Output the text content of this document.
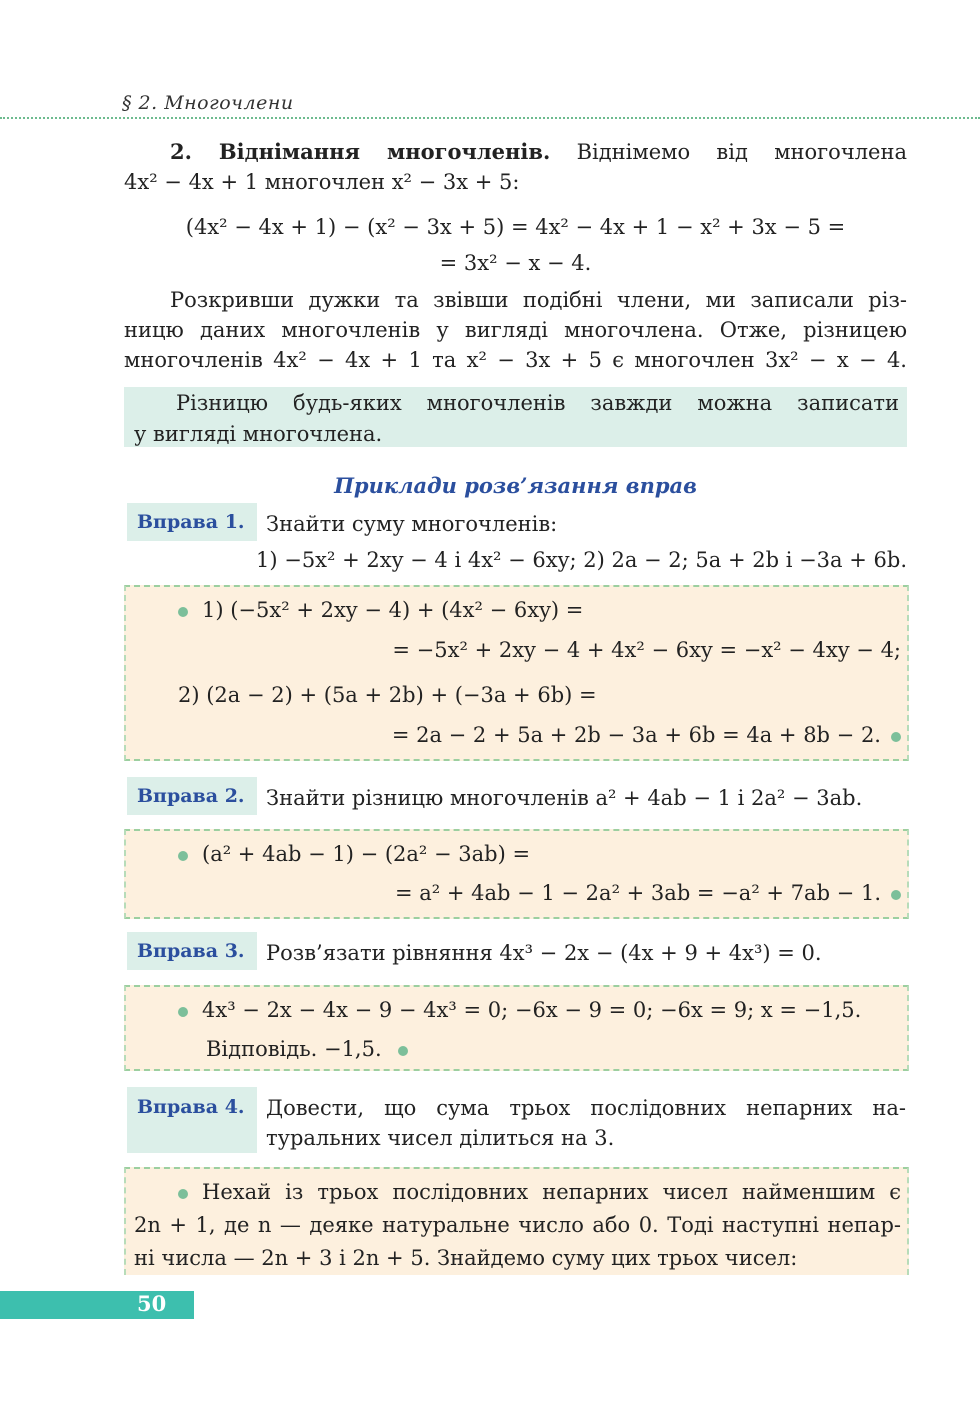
§ 2. Многочлени
2. Віднімання многочленів. Віднімемо від многочлена
4x² − 4x + 1 многочлен x² − 3x + 5:
(4x² − 4x + 1) − (x² − 3x + 5) = 4x² − 4x + 1 − x² + 3x − 5 =
= 3x² − x − 4.
Розкривши дужки та звівши подібні члени, ми записали різ-
ницю даних многочленів у вигляді многочлена. Отже, різницею
многочленів 4x² − 4x + 1 та x² − 3x + 5 є многочлен 3x² − x − 4.
Різницю будь-яких многочленів завжди можна записати
у вигляді многочлена.
Приклади розв’язання вправ
Вправа 1.	Знайти суму многочленів:
1) −5x² + 2xy − 4 і 4x² − 6xy; 2) 2a − 2; 5a + 2b і −3a + 6b.
1) (−5x² + 2xy − 4) + (4x² − 6xy) =
= −5x² + 2xy − 4 + 4x² − 6xy = −x² − 4xy − 4;
2) (2a − 2) + (5a + 2b) + (−3a + 6b) =
= 2a − 2 + 5a + 2b − 3a + 6b = 4a + 8b − 2.
Вправа 2.	Знайти різницю многочленів a² + 4ab − 1 і 2a² − 3ab.
(a² + 4ab − 1) − (2a² − 3ab) =
= a² + 4ab − 1 − 2a² + 3ab = −a² + 7ab − 1.
Вправа 3.	Розв’язати рівняння 4x³ − 2x − (4x + 9 + 4x³) = 0.
4x³ − 2x − 4x − 9 − 4x³ = 0; −6x − 9 = 0; −6x = 9; x = −1,5.
Відповідь. −1,5.
Вправа 4.	Довести, що сума трьох послідовних непарних на-
туральних чисел ділиться на 3.
Нехай із трьох послідовних непарних чисел найменшим є
2n + 1, де n — деяке натуральне число або 0. Тоді наступні непар-
ні числа — 2n + 3 і 2n + 5. Знайдемо суму цих трьох чисел:
50
